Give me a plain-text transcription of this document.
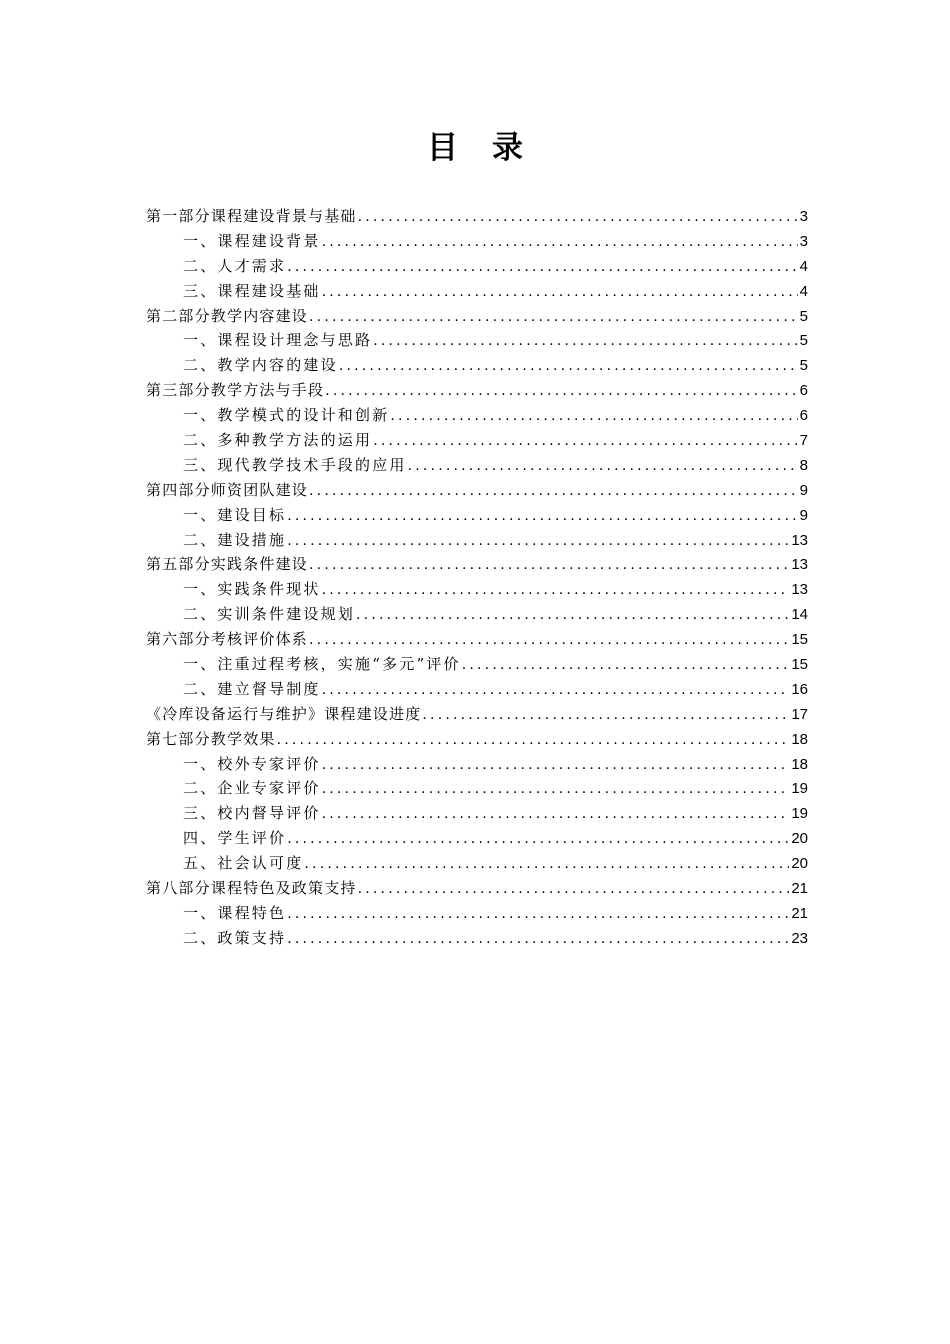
目 录
第一部分课程建设背景与基础 .....	3
一、课程建设背景 .....	3
二、人才需求 .....	4
三、课程建设基础 .....	4
第二部分教学内容建设 .....	5
一、课程设计理念与思路 .....	5
二、教学内容的建设 .....	5
第三部分教学方法与手段 .....	6
一、教学模式的设计和创新 .....	6
二、多种教学方法的运用 .....	7
三、现代教学技术手段的应用 .....	8
第四部分师资团队建设 .....	9
一、建设目标 .....	9
二、建设措施 .....	13
第五部分实践条件建设 .....	13
一、实践条件现状 .....	13
二、实训条件建设规划 .....	14
第六部分考核评价体系 .....	15
一、注重过程考核，实施“多元”评价 .....	15
二、建立督导制度 .....	16
《冷库设备运行与维护》课程建设进度 .....	17
第七部分教学效果 .....	18
一、校外专家评价 .....	18
二、企业专家评价 .....	19
三、校内督导评价 .....	19
四、学生评价 .....	20
五、社会认可度 .....	20
第八部分课程特色及政策支持 .....	21
一、课程特色 .....	21
二、政策支持 .....	23
